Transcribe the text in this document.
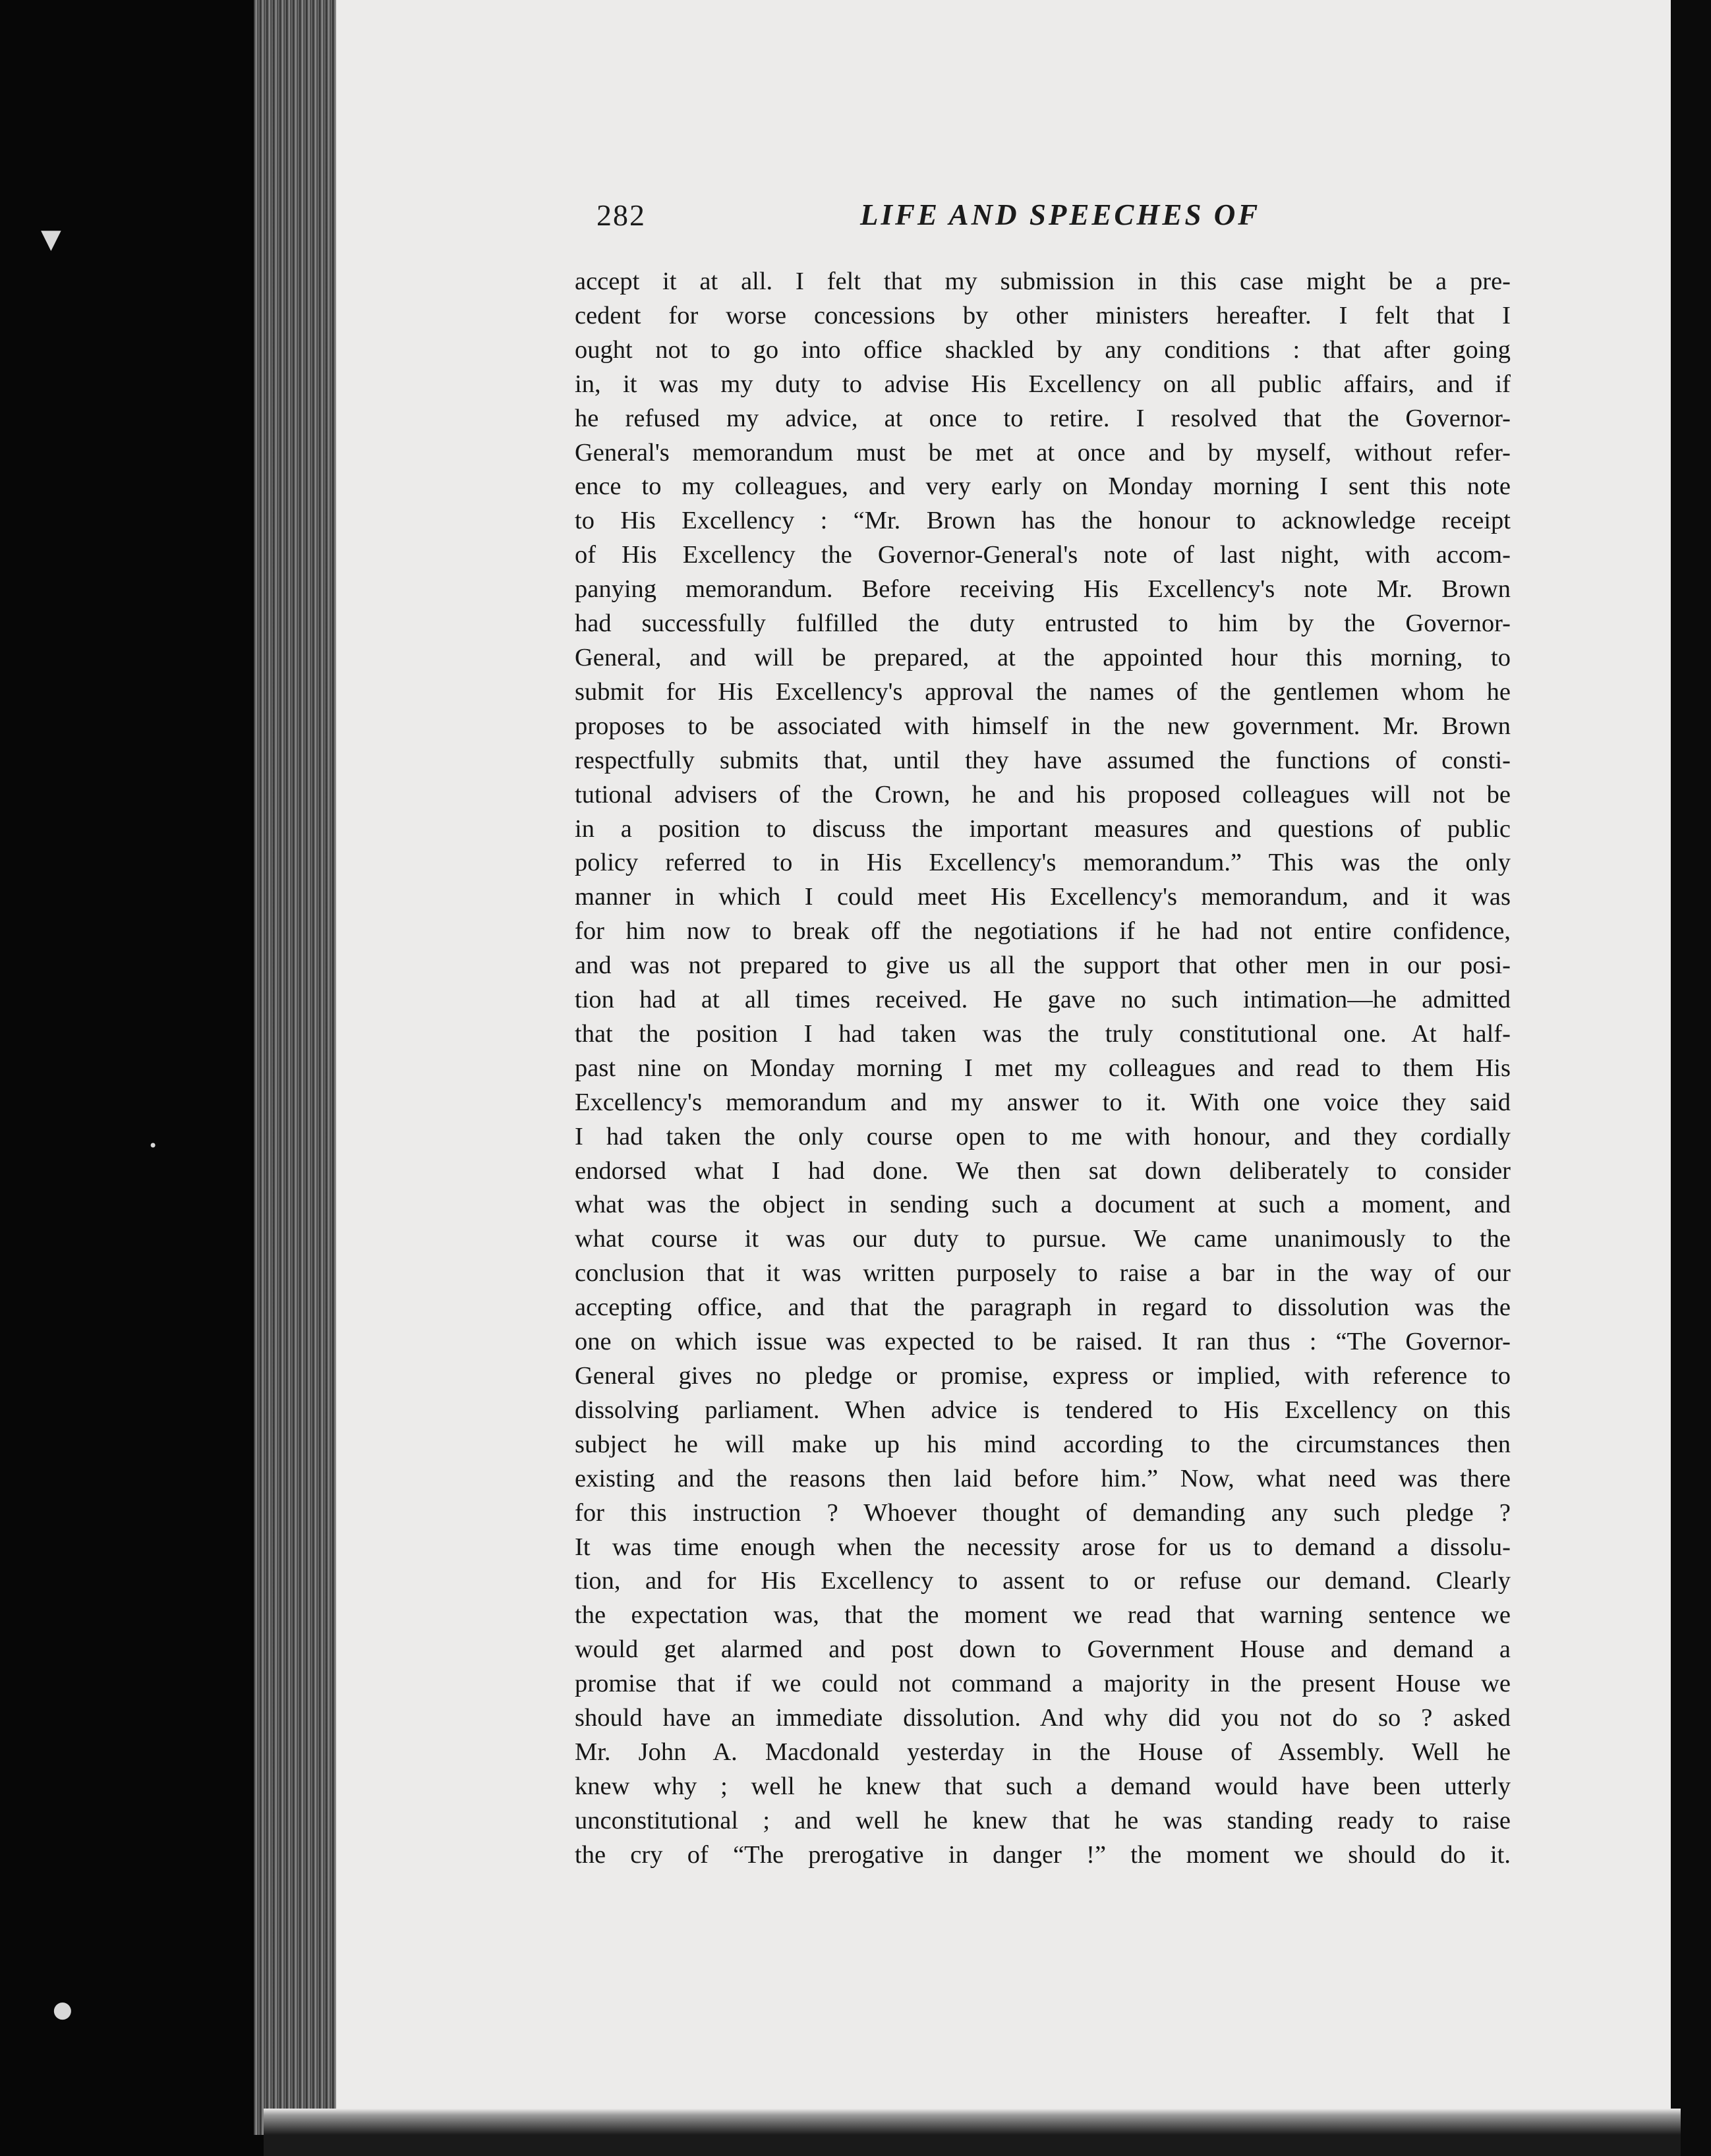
▼
•
●
282	LIFE AND SPEECHES OF
accept it at all. I felt that my submission in this case might be a pre-
cedent for worse concessions by other ministers hereafter. I felt that I
ought not to go into office shackled by any conditions : that after going
in, it was my duty to advise His Excellency on all public affairs, and if
he refused my advice, at once to retire. I resolved that the Governor-
General's memorandum must be met at once and by myself, without refer-
ence to my colleagues, and very early on Monday morning I sent this note
to His Excellency : “Mr. Brown has the honour to acknowledge receipt
of His Excellency the Governor-General's note of last night, with accom-
panying memorandum. Before receiving His Excellency's note Mr. Brown
had successfully fulfilled the duty entrusted to him by the Governor-
General, and will be prepared, at the appointed hour this morning, to
submit for His Excellency's approval the names of the gentlemen whom he
proposes to be associated with himself in the new government. Mr. Brown
respectfully submits that, until they have assumed the functions of consti-
tutional advisers of the Crown, he and his proposed colleagues will not be
in a position to discuss the important measures and questions of public
policy referred to in His Excellency's memorandum.” This was the only
manner in which I could meet His Excellency's memorandum, and it was
for him now to break off the negotiations if he had not entire confidence,
and was not prepared to give us all the support that other men in our posi-
tion had at all times received. He gave no such intimation—he admitted
that the position I had taken was the truly constitutional one. At half-
past nine on Monday morning I met my colleagues and read to them His
Excellency's memorandum and my answer to it. With one voice they said
I had taken the only course open to me with honour, and they cordially
endorsed what I had done. We then sat down deliberately to consider
what was the object in sending such a document at such a moment, and
what course it was our duty to pursue. We came unanimously to the
conclusion that it was written purposely to raise a bar in the way of our
accepting office, and that the paragraph in regard to dissolution was the
one on which issue was expected to be raised. It ran thus : “The Governor-
General gives no pledge or promise, express or implied, with reference to
dissolving parliament. When advice is tendered to His Excellency on this
subject he will make up his mind according to the circumstances then
existing and the reasons then laid before him.” Now, what need was there
for this instruction ? Whoever thought of demanding any such pledge ?
It was time enough when the necessity arose for us to demand a dissolu-
tion, and for His Excellency to assent to or refuse our demand. Clearly
the expectation was, that the moment we read that warning sentence we
would get alarmed and post down to Government House and demand a
promise that if we could not command a majority in the present House we
should have an immediate dissolution. And why did you not do so ? asked
Mr. John A. Macdonald yesterday in the House of Assembly. Well he
knew why ; well he knew that such a demand would have been utterly
unconstitutional ; and well he knew that he was standing ready to raise
the cry of “The prerogative in danger !” the moment we should do it.
